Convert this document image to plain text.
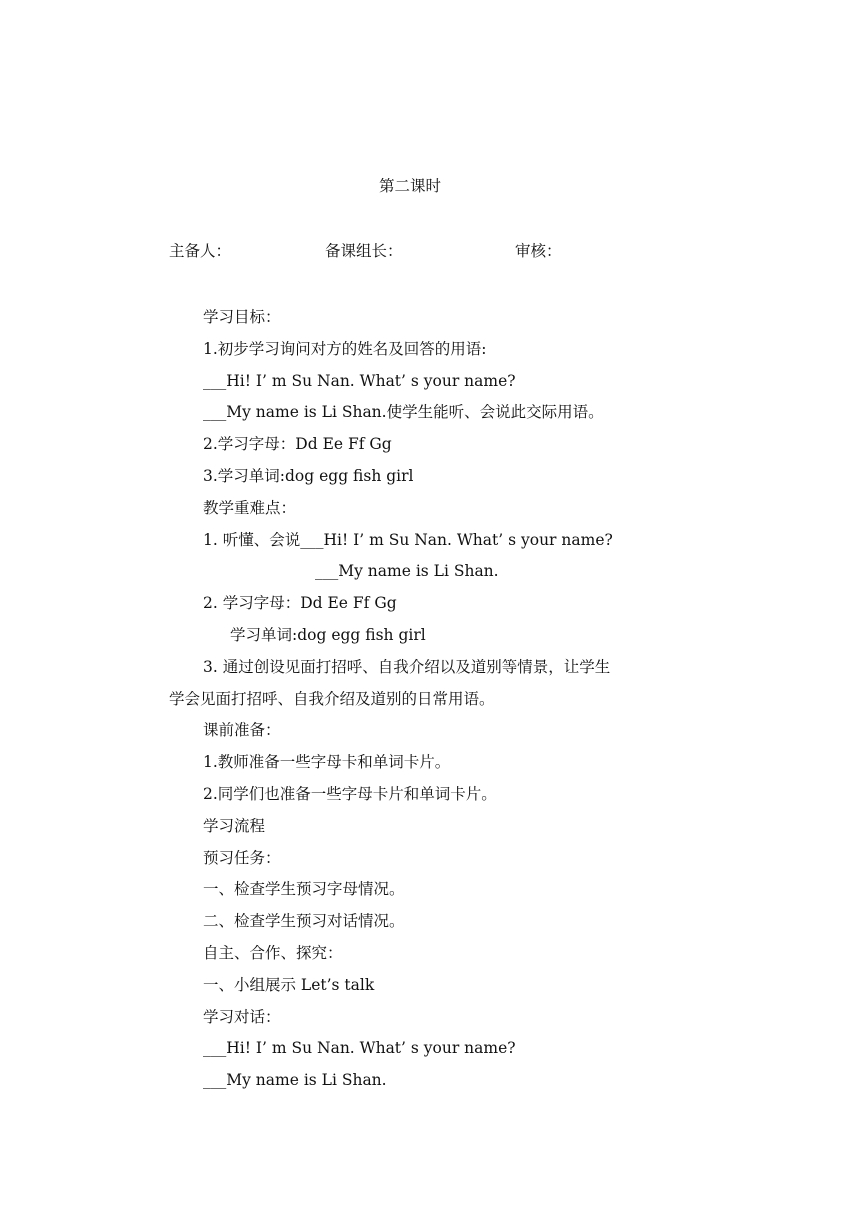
第二课时
主备人：	备课组长：	审核：
学习目标：
1.初步学习询问对方的姓名及回答的用语:
___Hi! I’ m Su Nan. What’ s your name?
___My name is Li Shan.使学生能听、会说此交际用语。
2.学习字母：Dd Ee Ff Gg
3.学习单词:dog egg fish girl
教学重难点：
1. 听懂、会说___Hi! I’ m Su Nan. What’ s your name?
___My name is Li Shan.
2. 学习字母：Dd Ee Ff Gg
学习单词:dog egg fish girl
3. 通过创设见面打招呼、自我介绍以及道别等情景，让学生
学会见面打招呼、自我介绍及道别的日常用语。
课前准备：
1.教师准备一些字母卡和单词卡片。
2.同学们也准备一些字母卡片和单词卡片。
学习流程
预习任务：
一、检查学生预习字母情况。
二、检查学生预习对话情况。
自主、合作、探究：
一、小组展示 Let’s talk
学习对话：
___Hi! I’ m Su Nan. What’ s your name?
___My name is Li Shan.
